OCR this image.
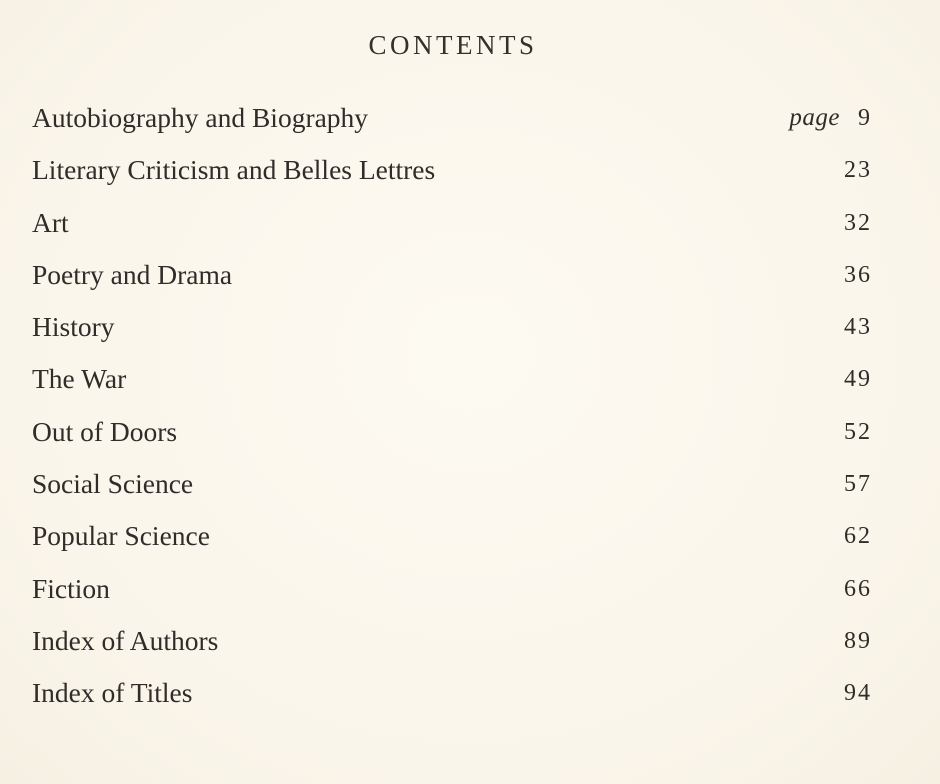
CONTENTS
Autobiography and Biography	page 9
Literary Criticism and Belles Lettres	23
Art	32
Poetry and Drama	36
History	43
The War	49
Out of Doors	52
Social Science	57
Popular Science	62
Fiction	66
Index of Authors	89
Index of Titles	94
